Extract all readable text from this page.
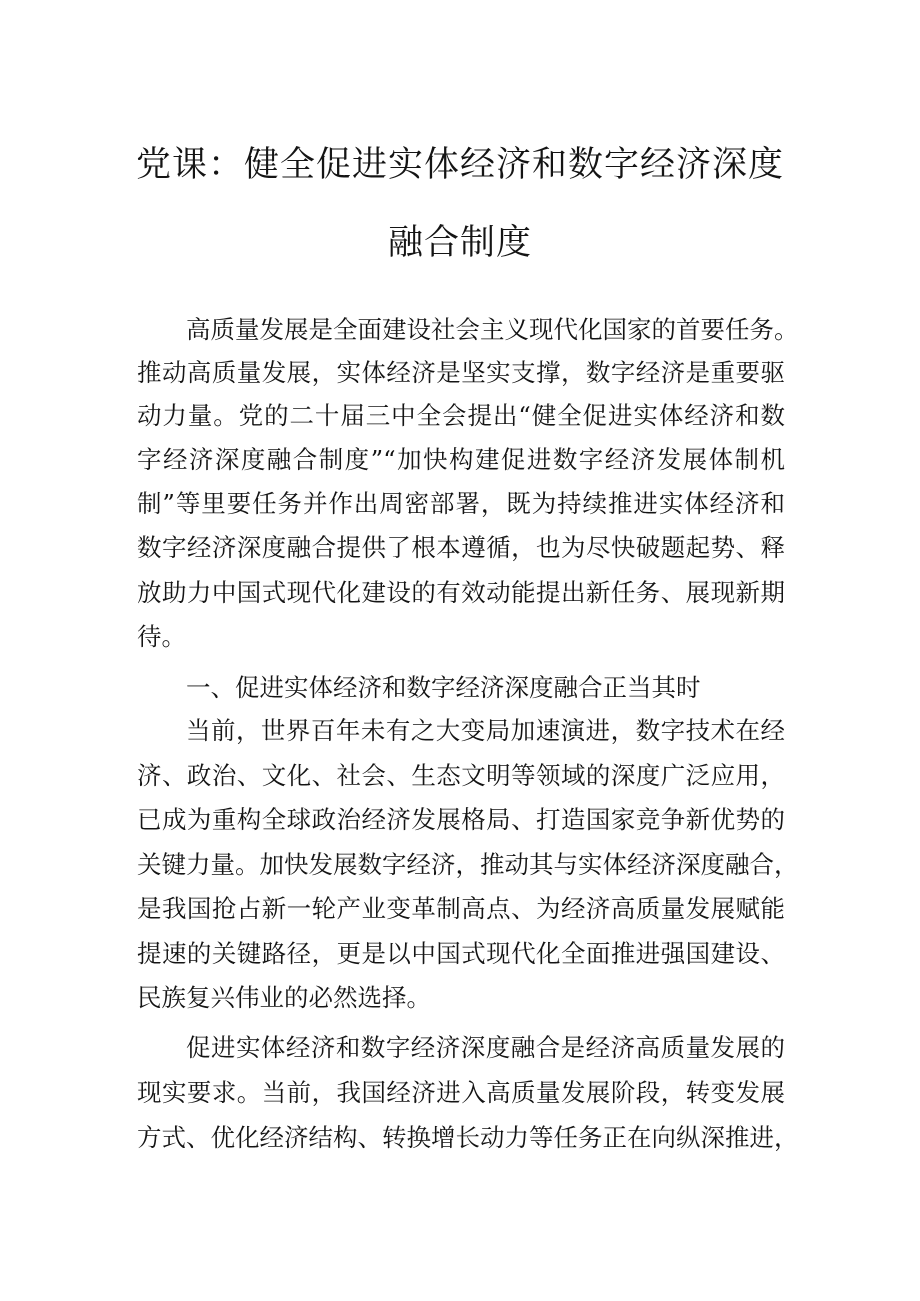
党课：健全促进实体经济和数字经济深度
融合制度
高质量发展是全面建设社会主义现代化国家的首要任务。
推动高质量发展，实体经济是坚实支撑，数字经济是重要驱
动力量。党的二十届三中全会提出“健全促进实体经济和数
字经济深度融合制度”“加快构建促进数字经济发展体制机
制”等里要任务并作出周密部署，既为持续推进实体经济和
数字经济深度融合提供了根本遵循，也为尽快破题起势、释
放助力中国式现代化建设的有效动能提出新任务、展现新期
待。
一、促进实体经济和数字经济深度融合正当其时
当前，世界百年未有之大变局加速演进，数字技术在经
济、政治、文化、社会、生态文明等领域的深度广泛应用，
已成为重构全球政治经济发展格局、打造国家竞争新优势的
关键力量。加快发展数字经济，推动其与实体经济深度融合，
是我国抢占新一轮产业变革制高点、为经济高质量发展赋能
提速的关键路径，更是以中国式现代化全面推进强国建设、
民族复兴伟业的必然选择。
促进实体经济和数字经济深度融合是经济高质量发展的
现实要求。当前，我国经济进入高质量发展阶段，转变发展
方式、优化经济结构、转换增长动力等任务正在向纵深推进，
